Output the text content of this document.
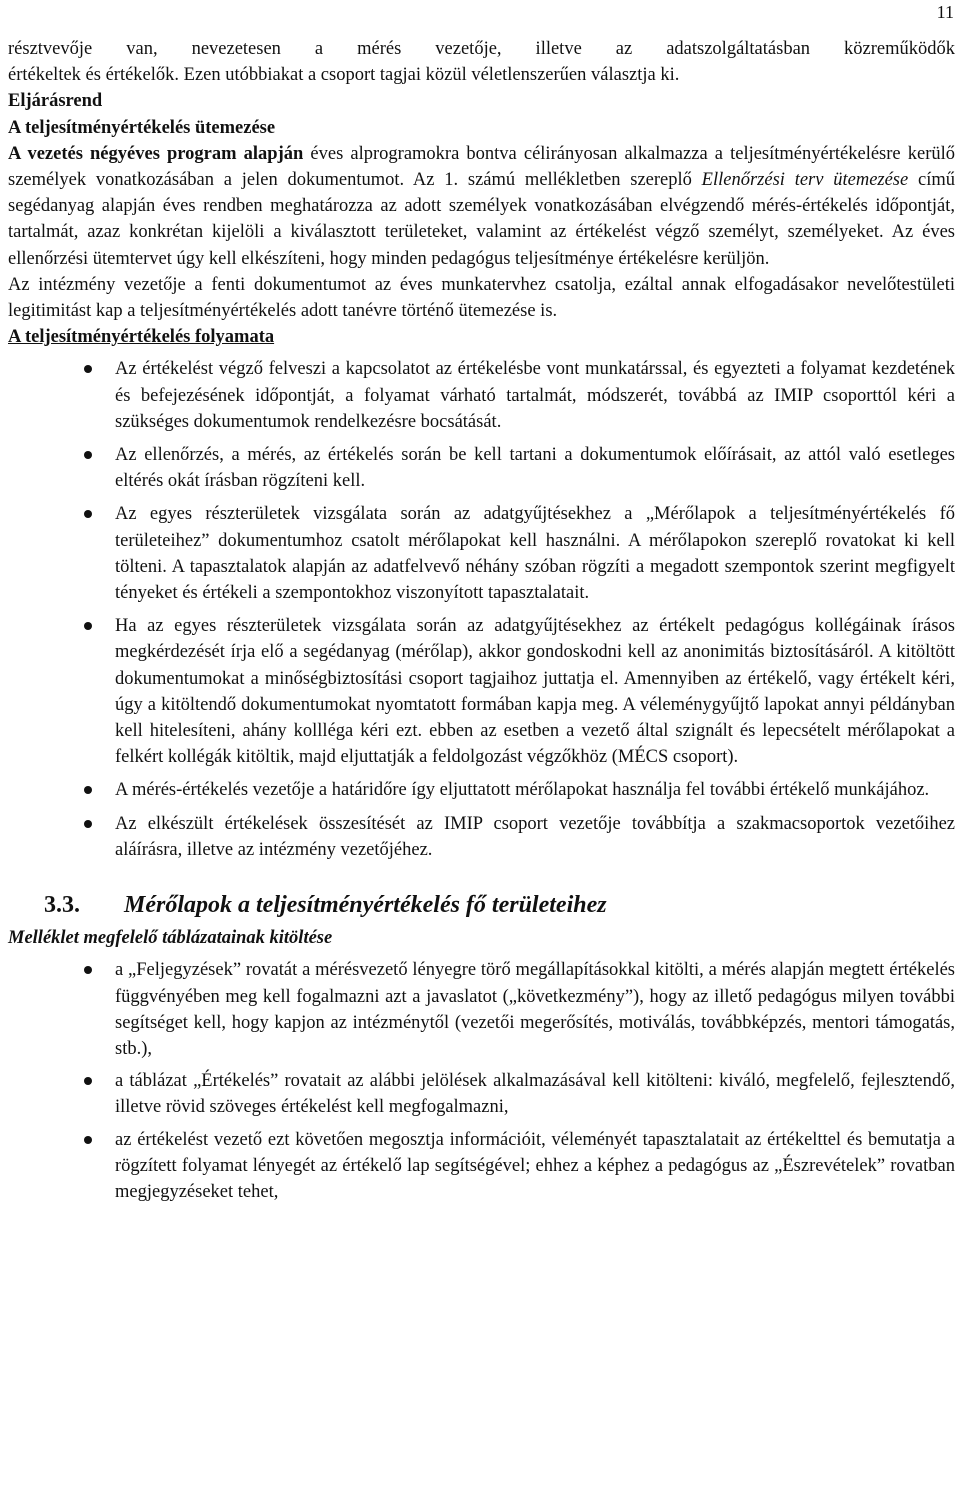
11

résztvevője van, nevezetesen a mérés vezetője, illetve az adatszolgáltatásban közreműködők

értékeltek és értékelők. Ezen utóbbiakat a csoport tagjai közül véletlenszerűen választja ki.

Eljárásrend

A teljesítményértékelés ütemezése

A vezetés négyéves program alapján éves alprogramokra bontva célirányosan alkalmazza a teljesítményértékelésre kerülő személyek vonatkozásában a jelen dokumentumot. Az 1. számú mellékletben szereplő Ellenőrzési terv ütemezése című segédanyag alapján éves rendben meghatározza az adott személyek vonatkozásában elvégzendő mérés-értékelés időpontját, tartalmát, azaz konkrétan kijelöli a kiválasztott területeket, valamint az értékelést végző személyt, személyeket. Az éves ellenőrzési ütemtervet úgy kell elkészíteni, hogy minden pedagógus teljesítménye értékelésre kerüljön.

Az intézmény vezetője a fenti dokumentumot az éves munkatervhez csatolja, ezáltal annak elfogadásakor nevelőtestületi legitimitást kap a teljesítményértékelés adott tanévre történő ütemezése is.

A teljesítményértékelés folyamata

Az értékelést végző felveszi a kapcsolatot az értékelésbe vont munkatárssal, és egyezteti a folyamat kezdetének és befejezésének időpontját, a folyamat várható tartalmát, módszerét, továbbá az IMIP csoporttól kéri a szükséges dokumentumok rendelkezésre bocsátását.
Az ellenőrzés, a mérés, az értékelés során be kell tartani a dokumentumok előírásait, az attól való esetleges eltérés okát írásban rögzíteni kell.
Az egyes részterületek vizsgálata során az adatgyűjtésekhez a „Mérőlapok a teljesítményértékelés fő területeihez” dokumentumhoz csatolt mérőlapokat kell használni. A mérőlapokon szereplő rovatokat ki kell tölteni. A tapasztalatok alapján az adatfelvevő néhány szóban rögzíti a megadott szempontok szerint megfigyelt tényeket és értékeli a szempontokhoz viszonyított tapasztalatait.
Ha az egyes részterületek vizsgálata során az adatgyűjtésekhez az értékelt pedagógus kollégáinak írásos megkérdezését írja elő a segédanyag (mérőlap), akkor gondoskodni kell az anonimitás biztosításáról. A kitöltött dokumentumokat a minőségbiztosítási csoport tagjaihoz juttatja el. Amennyiben az értékelő, vagy értékelt kéri, úgy a kitöltendő dokumentumokat nyomtatott formában kapja meg. A véleménygyűjtő lapokat annyi példányban kell hitelesíteni, ahány kollléga kéri ezt. ebben az esetben a vezető által szignált és lepecsételt mérőlapokat a felkért kollégák kitöltik, majd eljuttatják a feldolgozást végzőkhöz (MÉCS csoport).
A mérés-értékelés vezetője a határidőre így eljuttatott mérőlapokat használja fel további értékelő munkájához.
Az elkészült értékelések összesítését az IMIP csoport vezetője továbbítja a szakmacsoportok vezetőihez aláírásra, illetve az intézmény vezetőjéhez.
3.3. Mérőlapok a teljesítményértékelés fő területeihez

Melléklet megfelelő táblázatainak kitöltése

a „Feljegyzések” rovatát a mérésvezető lényegre törő megállapításokkal kitölti, a mérés alapján megtett értékelés függvényében meg kell fogalmazni azt a javaslatot („következmény”), hogy az illető pedagógus milyen további segítséget kell, hogy kapjon az intézménytől (vezetői megerősítés, motiválás, továbbképzés, mentori támogatás, stb.),
a táblázat „Értékelés” rovatait az alábbi jelölések alkalmazásával kell kitölteni: kiváló, megfelelő, fejlesztendő, illetve rövid szöveges értékelést kell megfogalmazni,
az értékelést vezető ezt követően megosztja információit, véleményét tapasztalatait az értékelttel és bemutatja a rögzített folyamat lényegét az értékelő lap segítségével; ehhez a képhez a pedagógus az „Észrevételek” rovatban megjegyzéseket tehet,
